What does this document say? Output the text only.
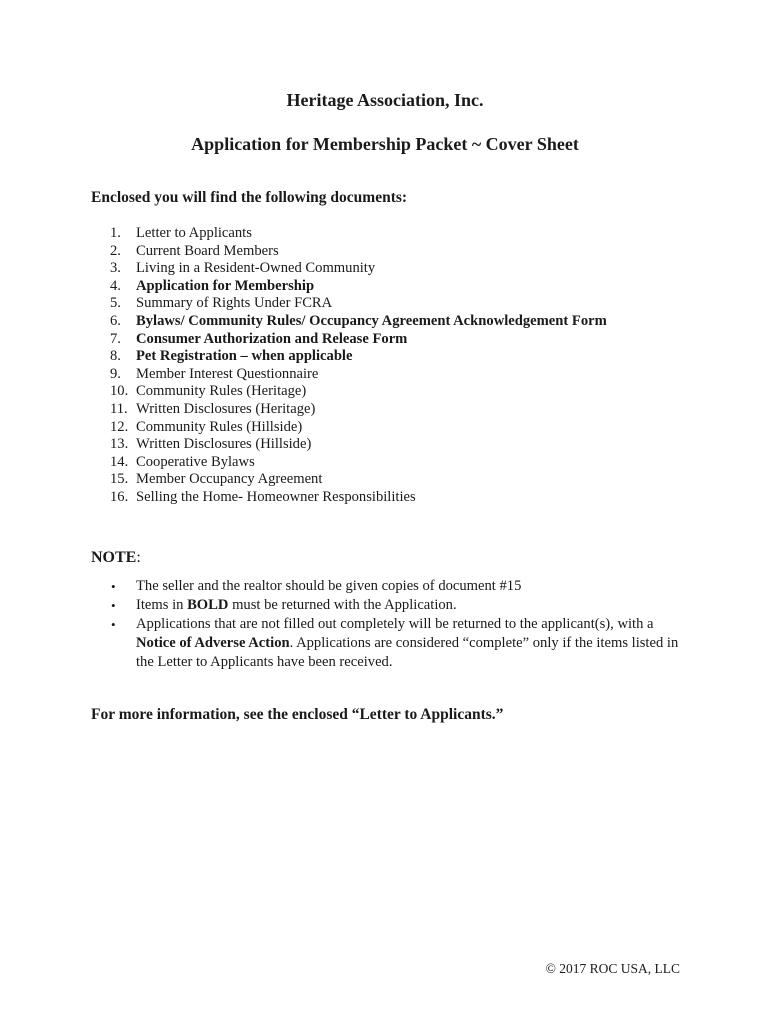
Heritage Association, Inc.
Application for Membership Packet ~ Cover Sheet

Enclosed you will find the following documents:

1.	Letter to Applicants
2.	Current Board Members
3.	Living in a Resident-Owned Community
4.	Application for Membership
5.	Summary of Rights Under FCRA
6.	Bylaws/ Community Rules/ Occupancy Agreement Acknowledgement Form
7.	Consumer Authorization and Release Form
8.	Pet Registration – when applicable
9.	Member Interest Questionnaire
10. Community Rules (Heritage)
11. Written Disclosures (Heritage)
12. Community Rules (Hillside)
13. Written Disclosures (Hillside)
14. Cooperative Bylaws
15. Member Occupancy Agreement
16. Selling the Home- Homeowner Responsibilities

NOTE:

•	The seller and the realtor should be given copies of document #15
•	Items in BOLD must be returned with the Application.
•	Applications that are not filled out completely will be returned to the applicant(s), with a Notice of Adverse Action. Applications are considered “complete” only if the items listed in the Letter to Applicants have been received.

For more information, see the enclosed “Letter to Applicants.”

© 2017 ROC USA, LLC
